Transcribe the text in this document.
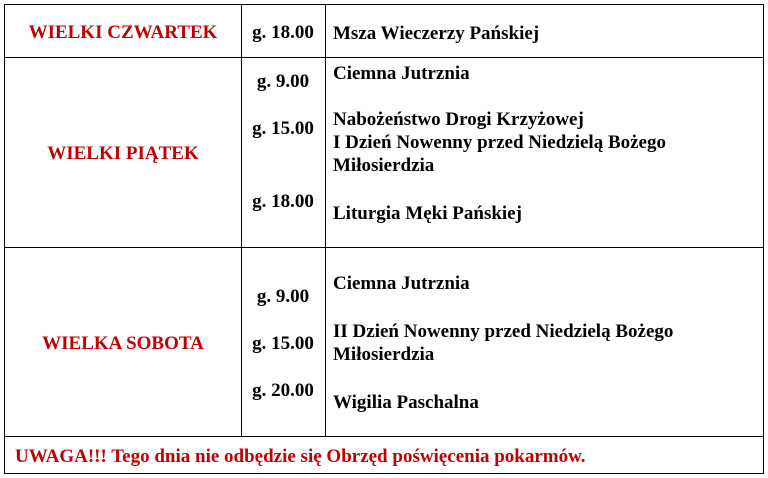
WIELKI CZWARTEK	g. 18.00	Msza Wieczerzy Pańskiej
WIELKI PIĄTEK
g. 9.00
g. 15.00
g. 18.00
Ciemna Jutrznia
Nabożeństwo Drogi Krzyżowej
I Dzień Nowenny przed Niedzielą Bożego
Miłosierdzia
Liturgia Męki Pańskiej
WIELKA SOBOTA
g. 9.00
g. 15.00
g. 20.00
Ciemna Jutrznia
II Dzień Nowenny przed Niedzielą Bożego
Miłosierdzia
Wigilia Paschalna
UWAGA!!! Tego dnia nie odbędzie się Obrzęd poświęcenia pokarmów.
